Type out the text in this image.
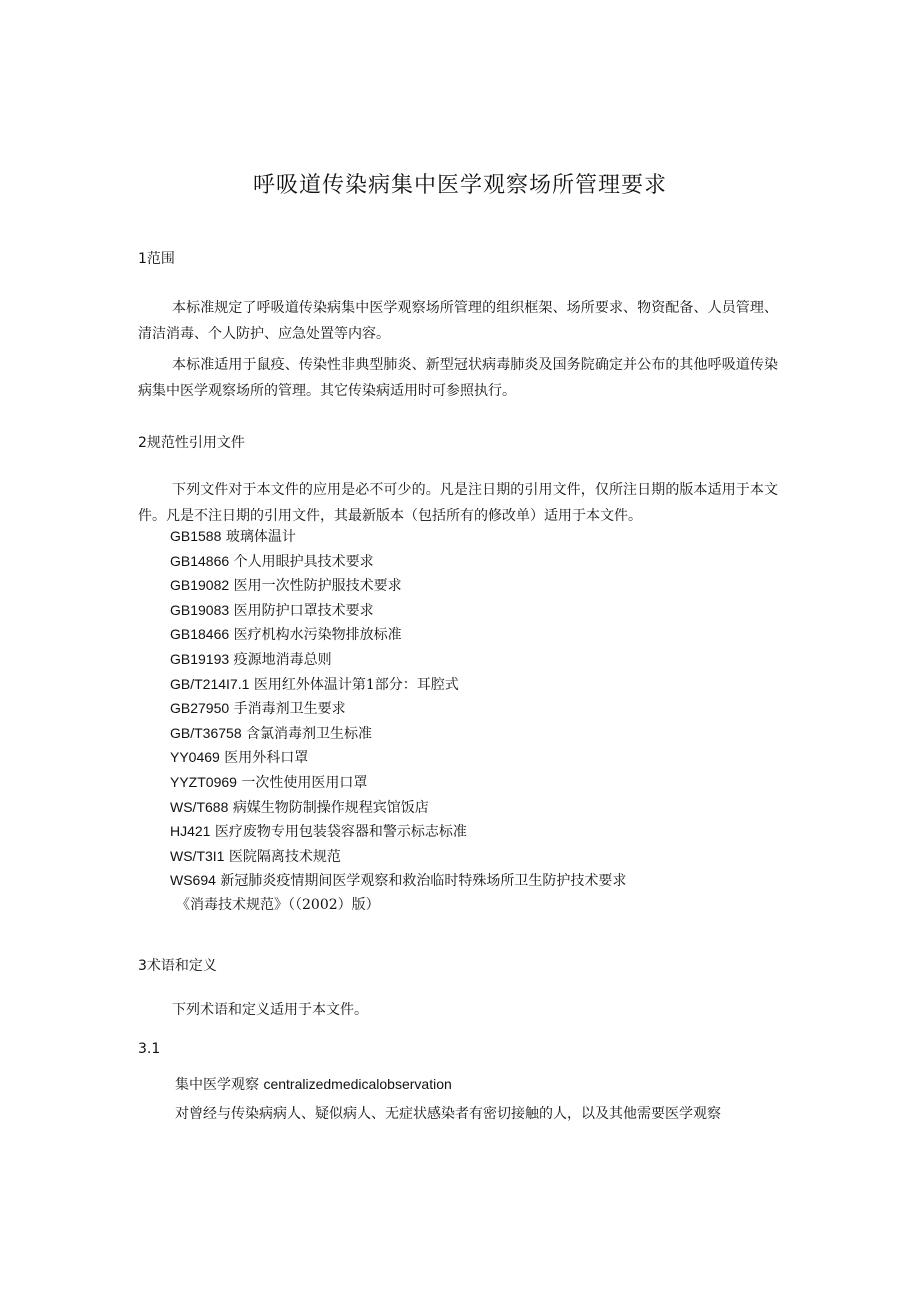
呼吸道传染病集中医学观察场所管理要求
1范围
本标准规定了呼吸道传染病集中医学观察场所管理的组织框架、场所要求、物资配备、人员管理、清洁消毒、个人防护、应急处置等内容。
本标准适用于鼠疫、传染性非典型肺炎、新型冠状病毒肺炎及国务院确定并公布的其他呼吸道传染病集中医学观察场所的管理。其它传染病适用时可参照执行。
2规范性引用文件
下列文件对于本文件的应用是必不可少的。凡是注日期的引用文件，仅所注日期的版本适用于本文件。凡是不注日期的引用文件，其最新版本（包括所有的修改单）适用于本文件。
GB1588 玻璃体温计
GB14866 个人用眼护具技术要求
GB19082 医用一次性防护服技术要求
GB19083 医用防护口罩技术要求
GB18466 医疗机构水污染物排放标准
GB19193 疫源地消毒总则
GB/T214I7.1 医用红外体温计第1部分：耳腔式
GB27950 手消毒剂卫生要求
GB/T36758 含氯消毒剂卫生标准
YY0469 医用外科口罩
YYZT0969 一次性使用医用口罩
WS/T688 病媒生物防制操作规程宾馆饭店
HJ421 医疗废物专用包装袋容器和警示标志标准
WS/T3I1 医院隔离技术规范
WS694 新冠肺炎疫情期间医学观察和救治临时特殊场所卫生防护技术要求
《消毒技术规范》（（2002）版）
3术语和定义
下列术语和定义适用于本文件。
3.1
集中医学观察 centralizedmedicalobservation
对曾经与传染病病人、疑似病人、无症状感染者有密切接触的人，以及其他需要医学观察
